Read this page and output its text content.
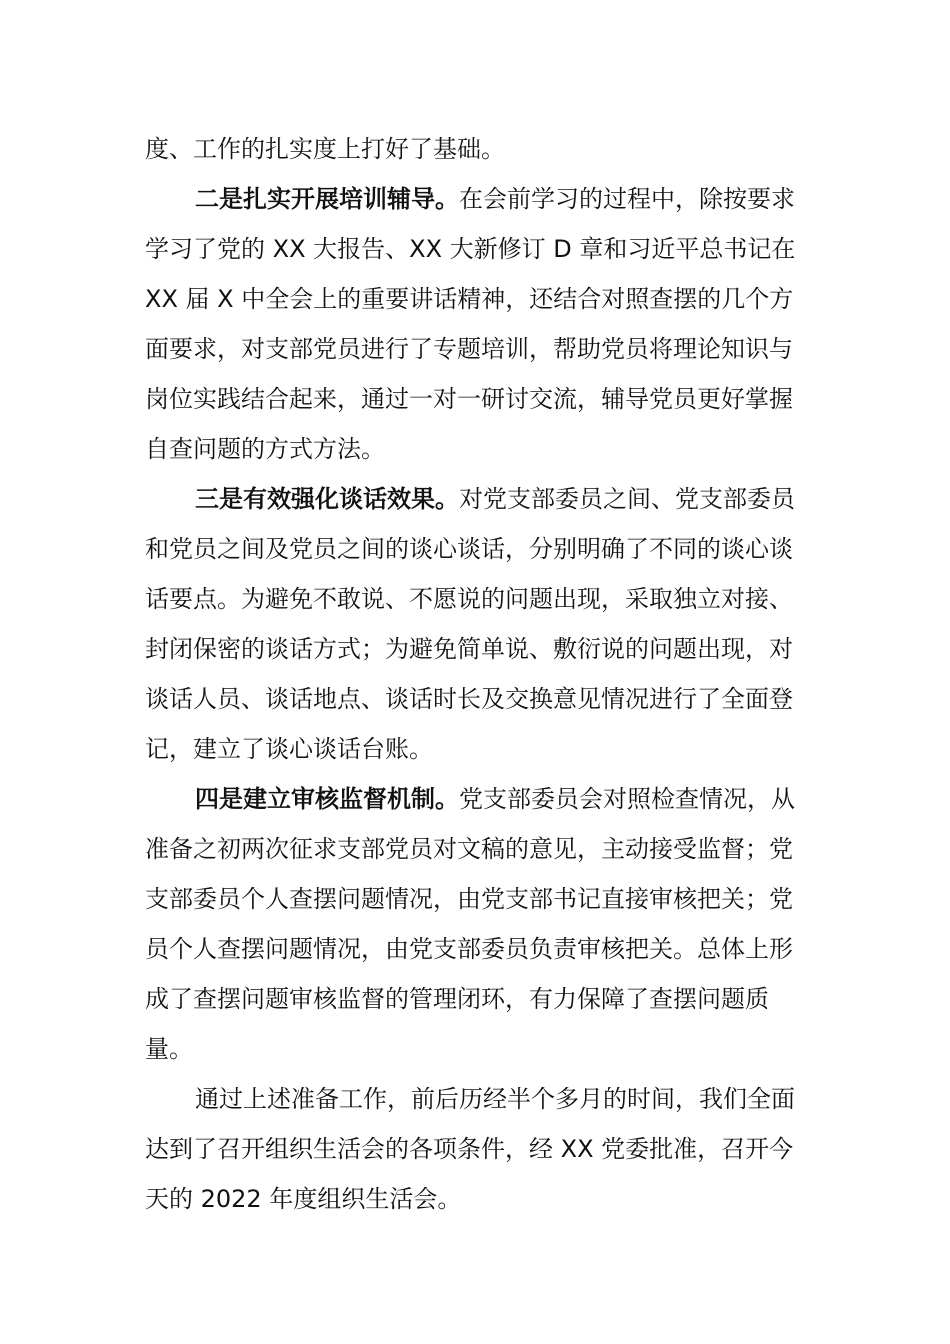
度、工作的扎实度上打好了基础。

二是扎实开展培训辅导。在会前学习的过程中，除按要求学习了党的 XX 大报告、XX 大新修订 D 章和习近平总书记在 XX 届 X 中全会上的重要讲话精神，还结合对照查摆的几个方面要求，对支部党员进行了专题培训，帮助党员将理论知识与岗位实践结合起来，通过一对一研讨交流，辅导党员更好掌握自查问题的方式方法。

三是有效强化谈话效果。对党支部委员之间、党支部委员和党员之间及党员之间的谈心谈话，分别明确了不同的谈心谈话要点。为避免不敢说、不愿说的问题出现，采取独立对接、封闭保密的谈话方式；为避免简单说、敷衍说的问题出现，对谈话人员、谈话地点、谈话时长及交换意见情况进行了全面登记，建立了谈心谈话台账。

四是建立审核监督机制。党支部委员会对照检查情况，从准备之初两次征求支部党员对文稿的意见，主动接受监督；党支部委员个人查摆问题情况，由党支部书记直接审核把关；党员个人查摆问题情况，由党支部委员负责审核把关。总体上形成了查摆问题审核监督的管理闭环，有力保障了查摆问题质量。

通过上述准备工作，前后历经半个多月的时间，我们全面达到了召开组织生活会的各项条件，经 XX 党委批准，召开今天的 2022 年度组织生活会。
